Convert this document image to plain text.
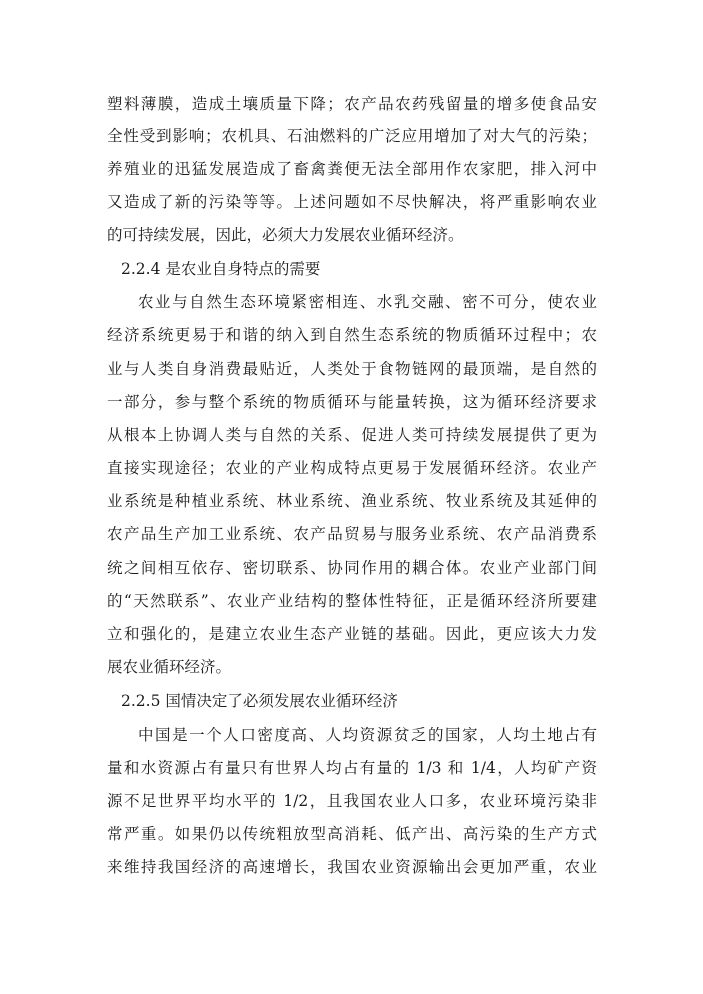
塑料薄膜，造成土壤质量下降；农产品农药残留量的增多使食品安
全性受到影响；农机具、石油燃料的广泛应用增加了对大气的污染；
养殖业的迅猛发展造成了畜禽粪便无法全部用作农家肥，排入河中
又造成了新的污染等等。上述问题如不尽快解决，将严重影响农业
的可持续发展，因此，必须大力发展农业循环经济。
2.2.4 是农业自身特点的需要
农业与自然生态环境紧密相连、水乳交融、密不可分，使农业
经济系统更易于和谐的纳入到自然生态系统的物质循环过程中；农
业与人类自身消费最贴近，人类处于食物链网的最顶端，是自然的
一部分，参与整个系统的物质循环与能量转换，这为循环经济要求
从根本上协调人类与自然的关系、促进人类可持续发展提供了更为
直接实现途径；农业的产业构成特点更易于发展循环经济。农业产
业系统是种植业系统、林业系统、渔业系统、牧业系统及其延伸的
农产品生产加工业系统、农产品贸易与服务业系统、农产品消费系
统之间相互依存、密切联系、协同作用的耦合体。农业产业部门间
的“天然联系”、农业产业结构的整体性特征，正是循环经济所要建
立和强化的，是建立农业生态产业链的基础。因此，更应该大力发
展农业循环经济。
2.2.5 国情决定了必须发展农业循环经济
中国是一个人口密度高、人均资源贫乏的国家，人均土地占有
量和水资源占有量只有世界人均占有量的 1/3 和 1/4，人均矿产资
源不足世界平均水平的 1/2，且我国农业人口多，农业环境污染非
常严重。如果仍以传统粗放型高消耗、低产出、高污染的生产方式
来维持我国经济的高速增长，我国农业资源输出会更加严重，农业
